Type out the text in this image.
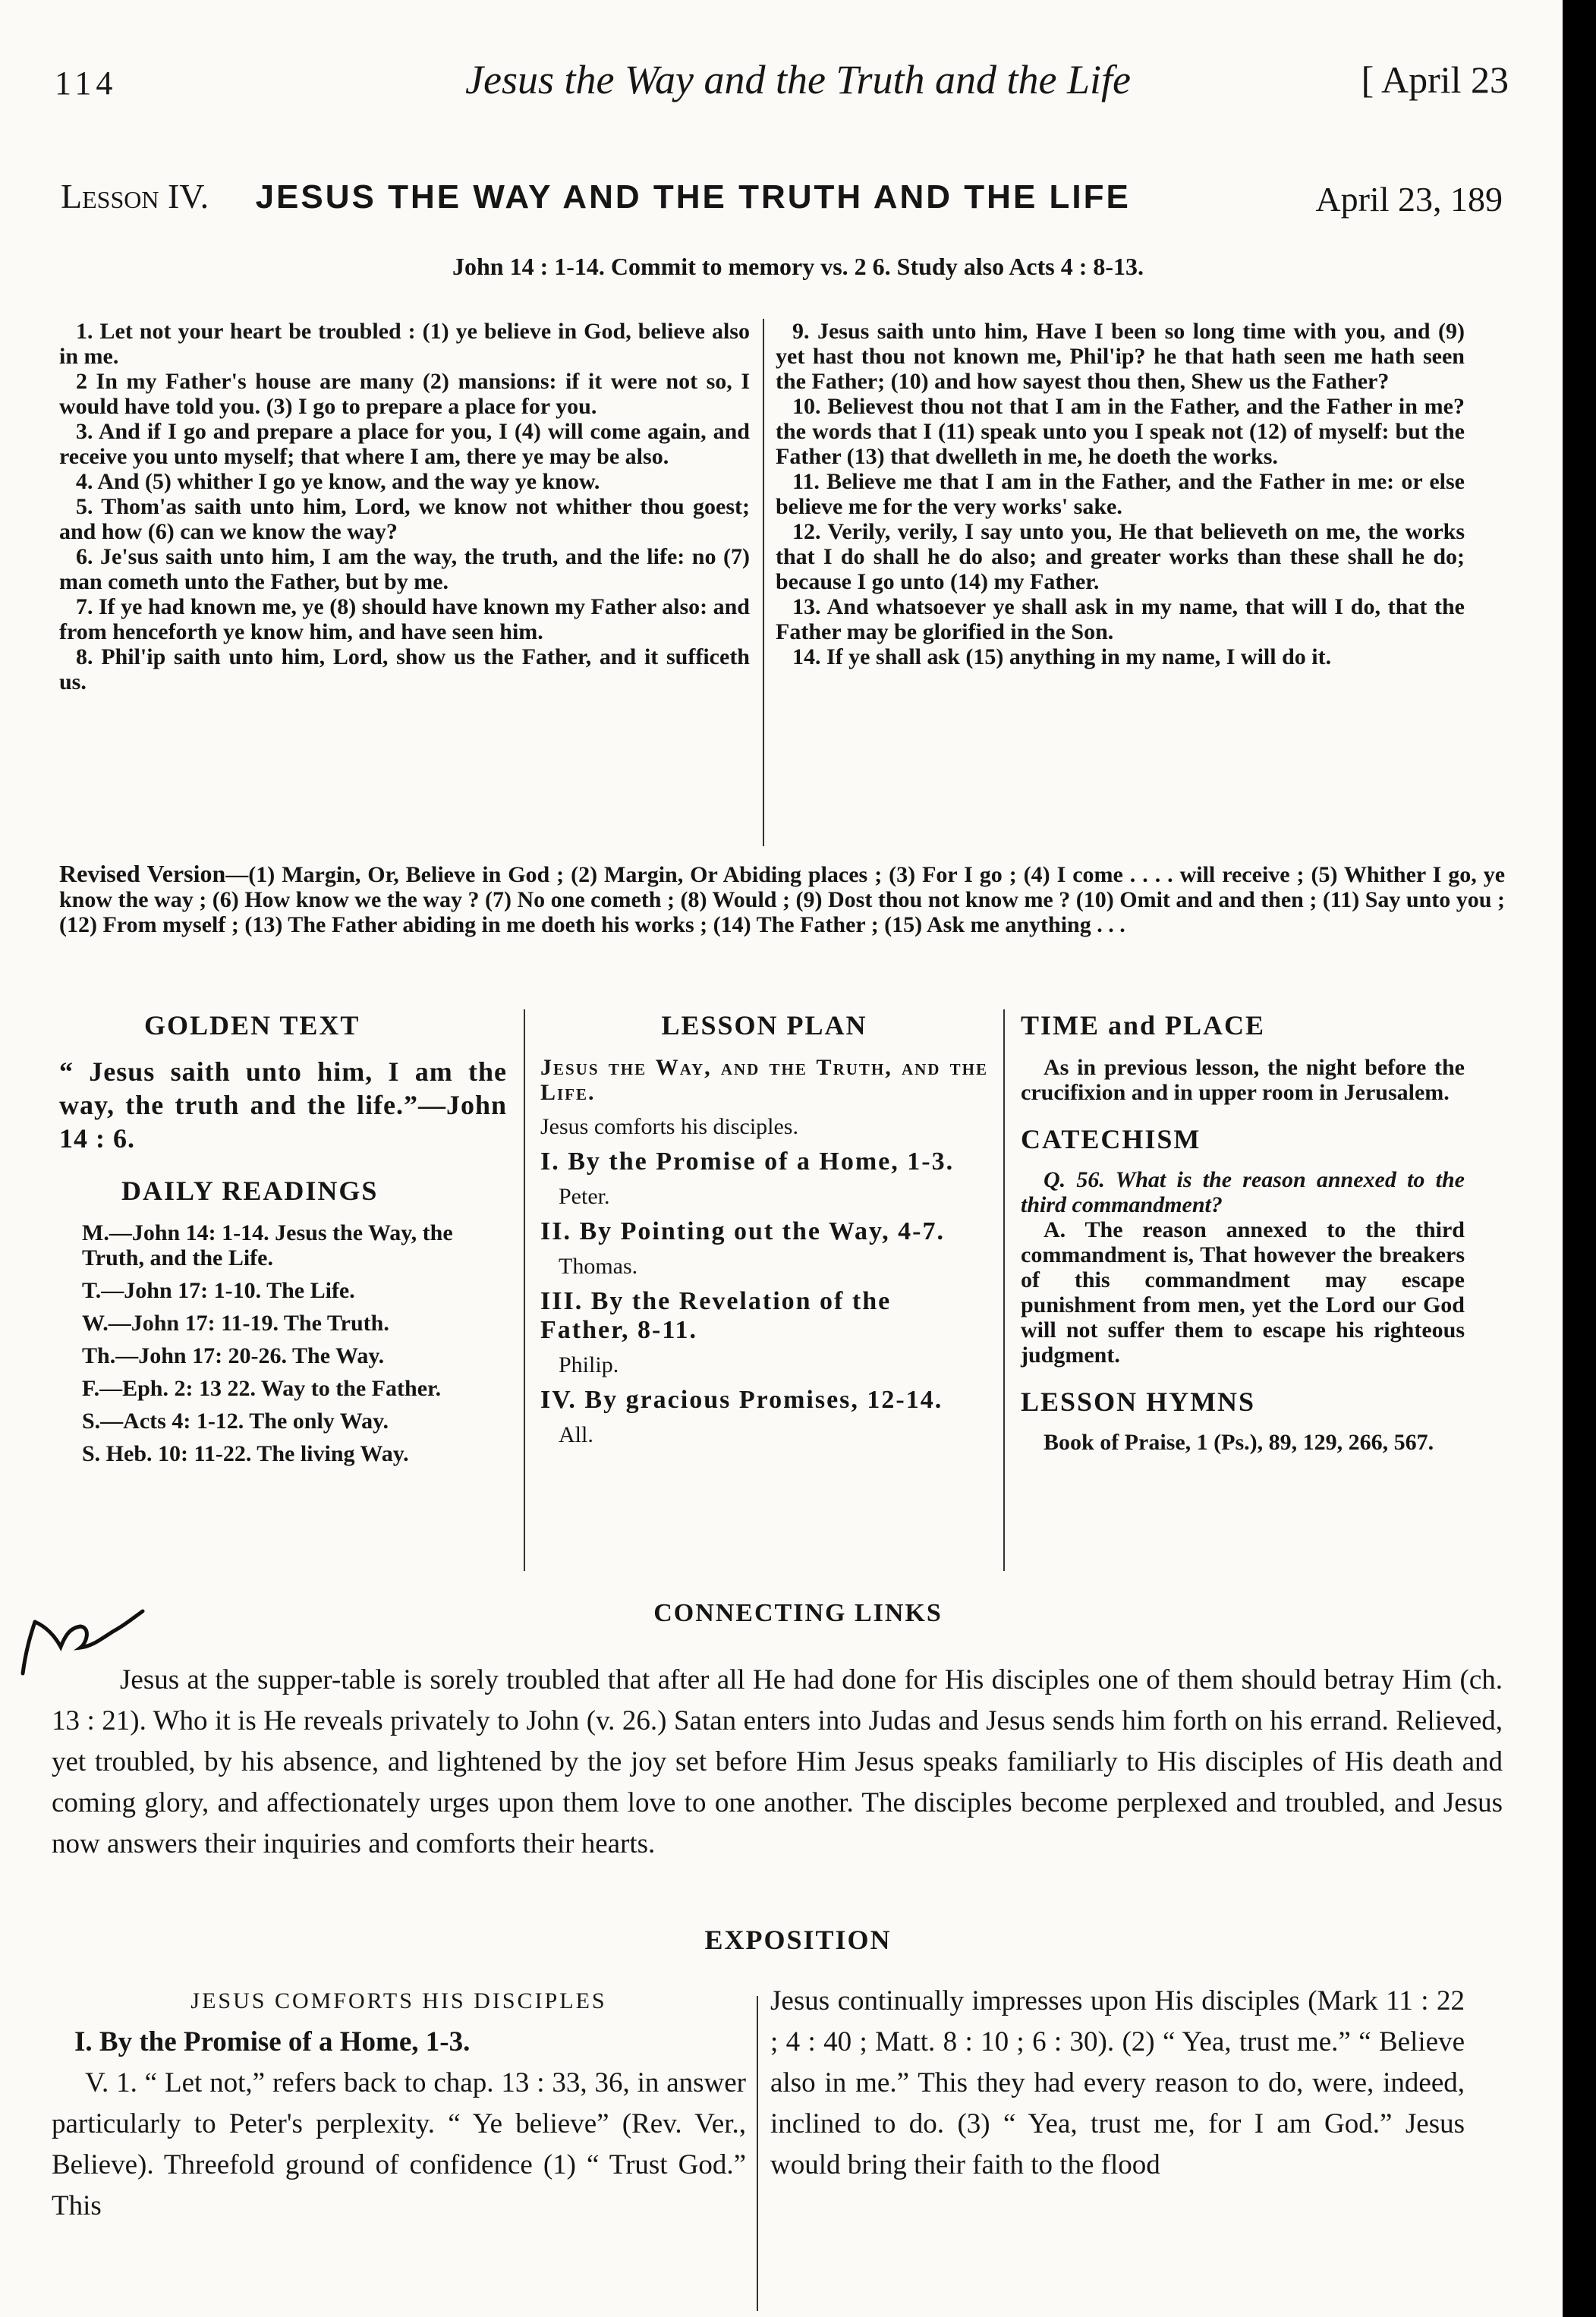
114	Jesus the Way and the Truth and the Life	[ April 23
Lesson IV. JESUS THE WAY AND THE TRUTH AND THE LIFE	April 23, 189
John 14 : 1-14. Commit to memory vs. 2 6. Study also Acts 4 : 8-13.

1. Let not your heart be troubled : (1) ye believe in God, believe also in me.

2 In my Father's house are many (2) mansions: if it were not so, I would have told you. (3) I go to prepare a place for you.

3. And if I go and prepare a place for you, I (4) will come again, and receive you unto myself; that where I am, there ye may be also.

4. And (5) whither I go ye know, and the way ye know.

5. Thom'as saith unto him, Lord, we know not whither thou goest; and how (6) can we know the way?

6. Je'sus saith unto him, I am the way, the truth, and the life: no (7) man cometh unto the Father, but by me.

7. If ye had known me, ye (8) should have known my Father also: and from henceforth ye know him, and have seen him.

8. Phil'ip saith unto him, Lord, show us the Father, and it sufficeth us.

9. Jesus saith unto him, Have I been so long time with you, and (9) yet hast thou not known me, Phil'ip? he that hath seen me hath seen the Father; (10) and how sayest thou then, Shew us the Father?

10. Believest thou not that I am in the Father, and the Father in me? the words that I (11) speak unto you I speak not (12) of myself: but the Father (13) that dwelleth in me, he doeth the works.

11. Believe me that I am in the Father, and the Father in me: or else believe me for the very works' sake.

12. Verily, verily, I say unto you, He that believeth on me, the works that I do shall he do also; and greater works than these shall he do; because I go unto (14) my Father.

13. And whatsoever ye shall ask in my name, that will I do, that the Father may be glorified in the Son.

14. If ye shall ask (15) anything in my name, I will do it.

Revised Version—(1) Margin, Or, Believe in God ; (2) Margin, Or Abiding places ; (3) For I go ; (4) I come . . . . will receive ; (5) Whither I go, ye know the way ; (6) How know we the way ? (7) No one cometh ; (8) Would ; (9) Dost thou not know me ? (10) Omit and and then ; (11) Say unto you ; (12) From myself ; (13) The Father abiding in me doeth his works ; (14) The Father ; (15) Ask me anything . . .
GOLDEN TEXT
“ Jesus saith unto him, I am the way, the truth and the life.”—John 14 : 6.
DAILY READINGS
M.—John 14: 1-14. Jesus the Way, the Truth, and the Life.
T.—John 17: 1-10. The Life.
W.—John 17: 11-19. The Truth.
Th.—John 17: 20-26. The Way.
F.—Eph. 2: 13 22. Way to the Father.
S.—Acts 4: 1-12. The only Way.
S. Heb. 10: 11-22. The living Way.
LESSON PLAN
Jesus the Way, and the Truth, and the Life.
Jesus comforts his disciples.
I. By the Promise of a Home, 1-3.
Peter.
II. By Pointing out the Way, 4-7.
Thomas.
III. By the Revelation of the Father, 8-11.
Philip.
IV. By gracious Promises, 12-14.
All.
TIME and PLACE
As in previous lesson, the night before the crucifixion and in upper room in Jerusalem.
CATECHISM
Q. 56. What is the reason annexed to the third commandment?
A. The reason annexed to the third commandment is, That however the breakers of this commandment may escape punishment from men, yet the Lord our God will not suffer them to escape his righteous judgment.
LESSON HYMNS
Book of Praise, 1 (Ps.), 89, 129, 266, 567.
CONNECTING LINKS
Jesus at the supper-table is sorely troubled that after all He had done for His disciples one of them should betray Him (ch. 13 : 21). Who it is He reveals privately to John (v. 26.) Satan enters into Judas and Jesus sends him forth on his errand. Relieved, yet troubled, by his absence, and lightened by the joy set before Him Jesus speaks familiarly to His disciples of His death and coming glory, and affectionately urges upon them love to one another. The disciples become perplexed and troubled, and Jesus now answers their inquiries and comforts their hearts.
EXPOSITION
JESUS COMFORTS HIS DISCIPLES
I. By the Promise of a Home, 1-3.
V. 1. “ Let not,” refers back to chap. 13 : 33, 36, in answer particularly to Peter's perplexity. “ Ye believe” (Rev. Ver., Believe). Threefold ground of confidence (1) “ Trust God.” This
Jesus continually impresses upon His disciples (Mark 11 : 22 ; 4 : 40 ; Matt. 8 : 10 ; 6 : 30). (2) “ Yea, trust me.” “ Believe also in me.” This they had every reason to do, were, indeed, inclined to do. (3) “ Yea, trust me, for I am God.” Jesus would bring their faith to the flood
